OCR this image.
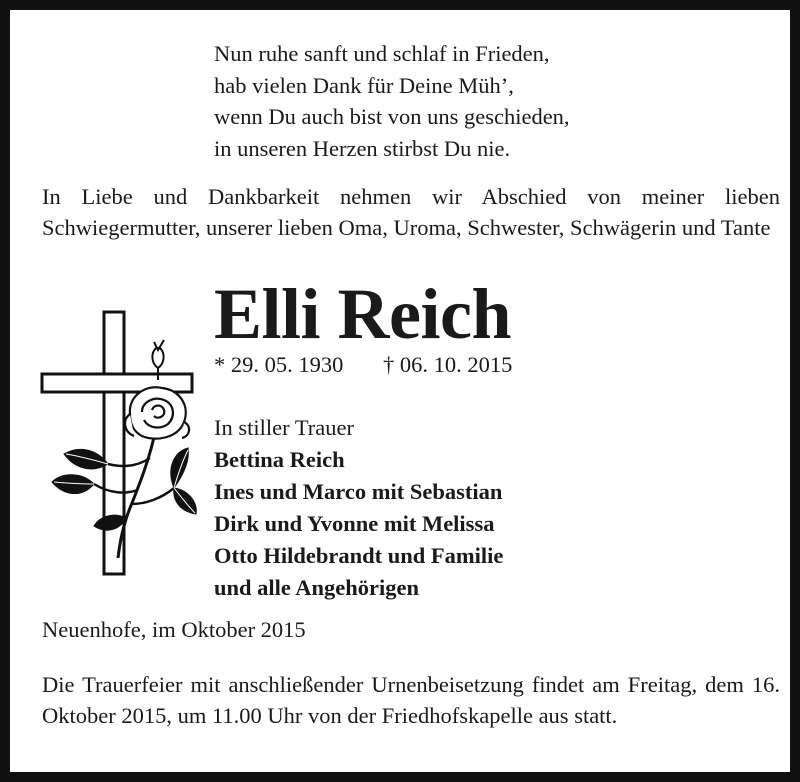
Nun ruhe sanft und schlaf in Frieden,
hab vielen Dank für Deine Müh’,
wenn Du auch bist von uns geschieden,
in unseren Herzen stirbst Du nie.
In Liebe und Dankbarkeit nehmen wir Abschied von meiner lieben Schwiegermutter, unserer lieben Oma, Uroma, Schwester, Schwägerin und Tante
Elli Reich
* 29. 05. 1930 † 06. 10. 2015
In stiller Trauer
Bettina Reich
Ines und Marco mit Sebastian
Dirk und Yvonne mit Melissa
Otto Hildebrandt und Familie
und alle Angehörigen
Neuenhofe, im Oktober 2015
Die Trauerfeier mit anschließender Urnenbeisetzung findet am Freitag, dem 16. Oktober 2015, um 11.00 Uhr von der Friedhofskapelle aus statt.
